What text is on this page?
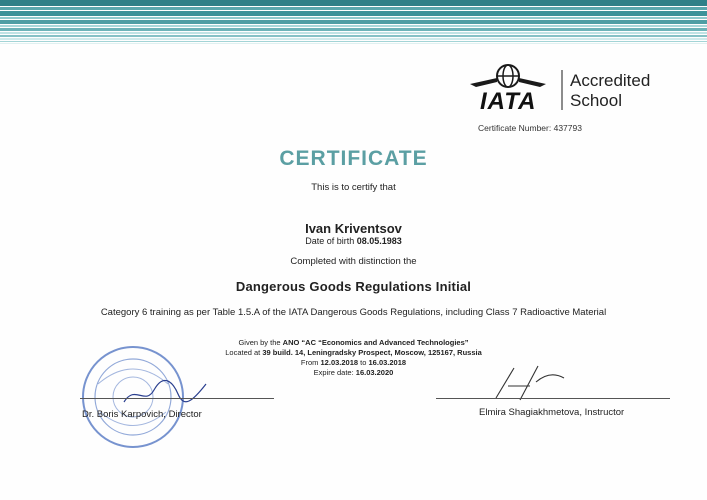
IATA
Accredited
School
Certificate Number: 437793
CERTIFICATE
This is to certify that
Ivan Kriventsov
Date of birth 08.05.1983
Completed with distinction the
Dangerous Goods Regulations Initial
Category 6 training as per Table 1.5.A of the IATA Dangerous Goods Regulations, including Class 7 Radioactive Material
Given by the ANO “AC “Economics and Advanced Technologies”
Located at 39 build. 14, Leningradsky Prospect, Moscow, 125167, Russia
From 12.03.2018 to 16.03.2018
Expire date: 16.03.2020
Dr. Boris Karpovich, Director	Elmira Shagiakhmetova, Instructor
